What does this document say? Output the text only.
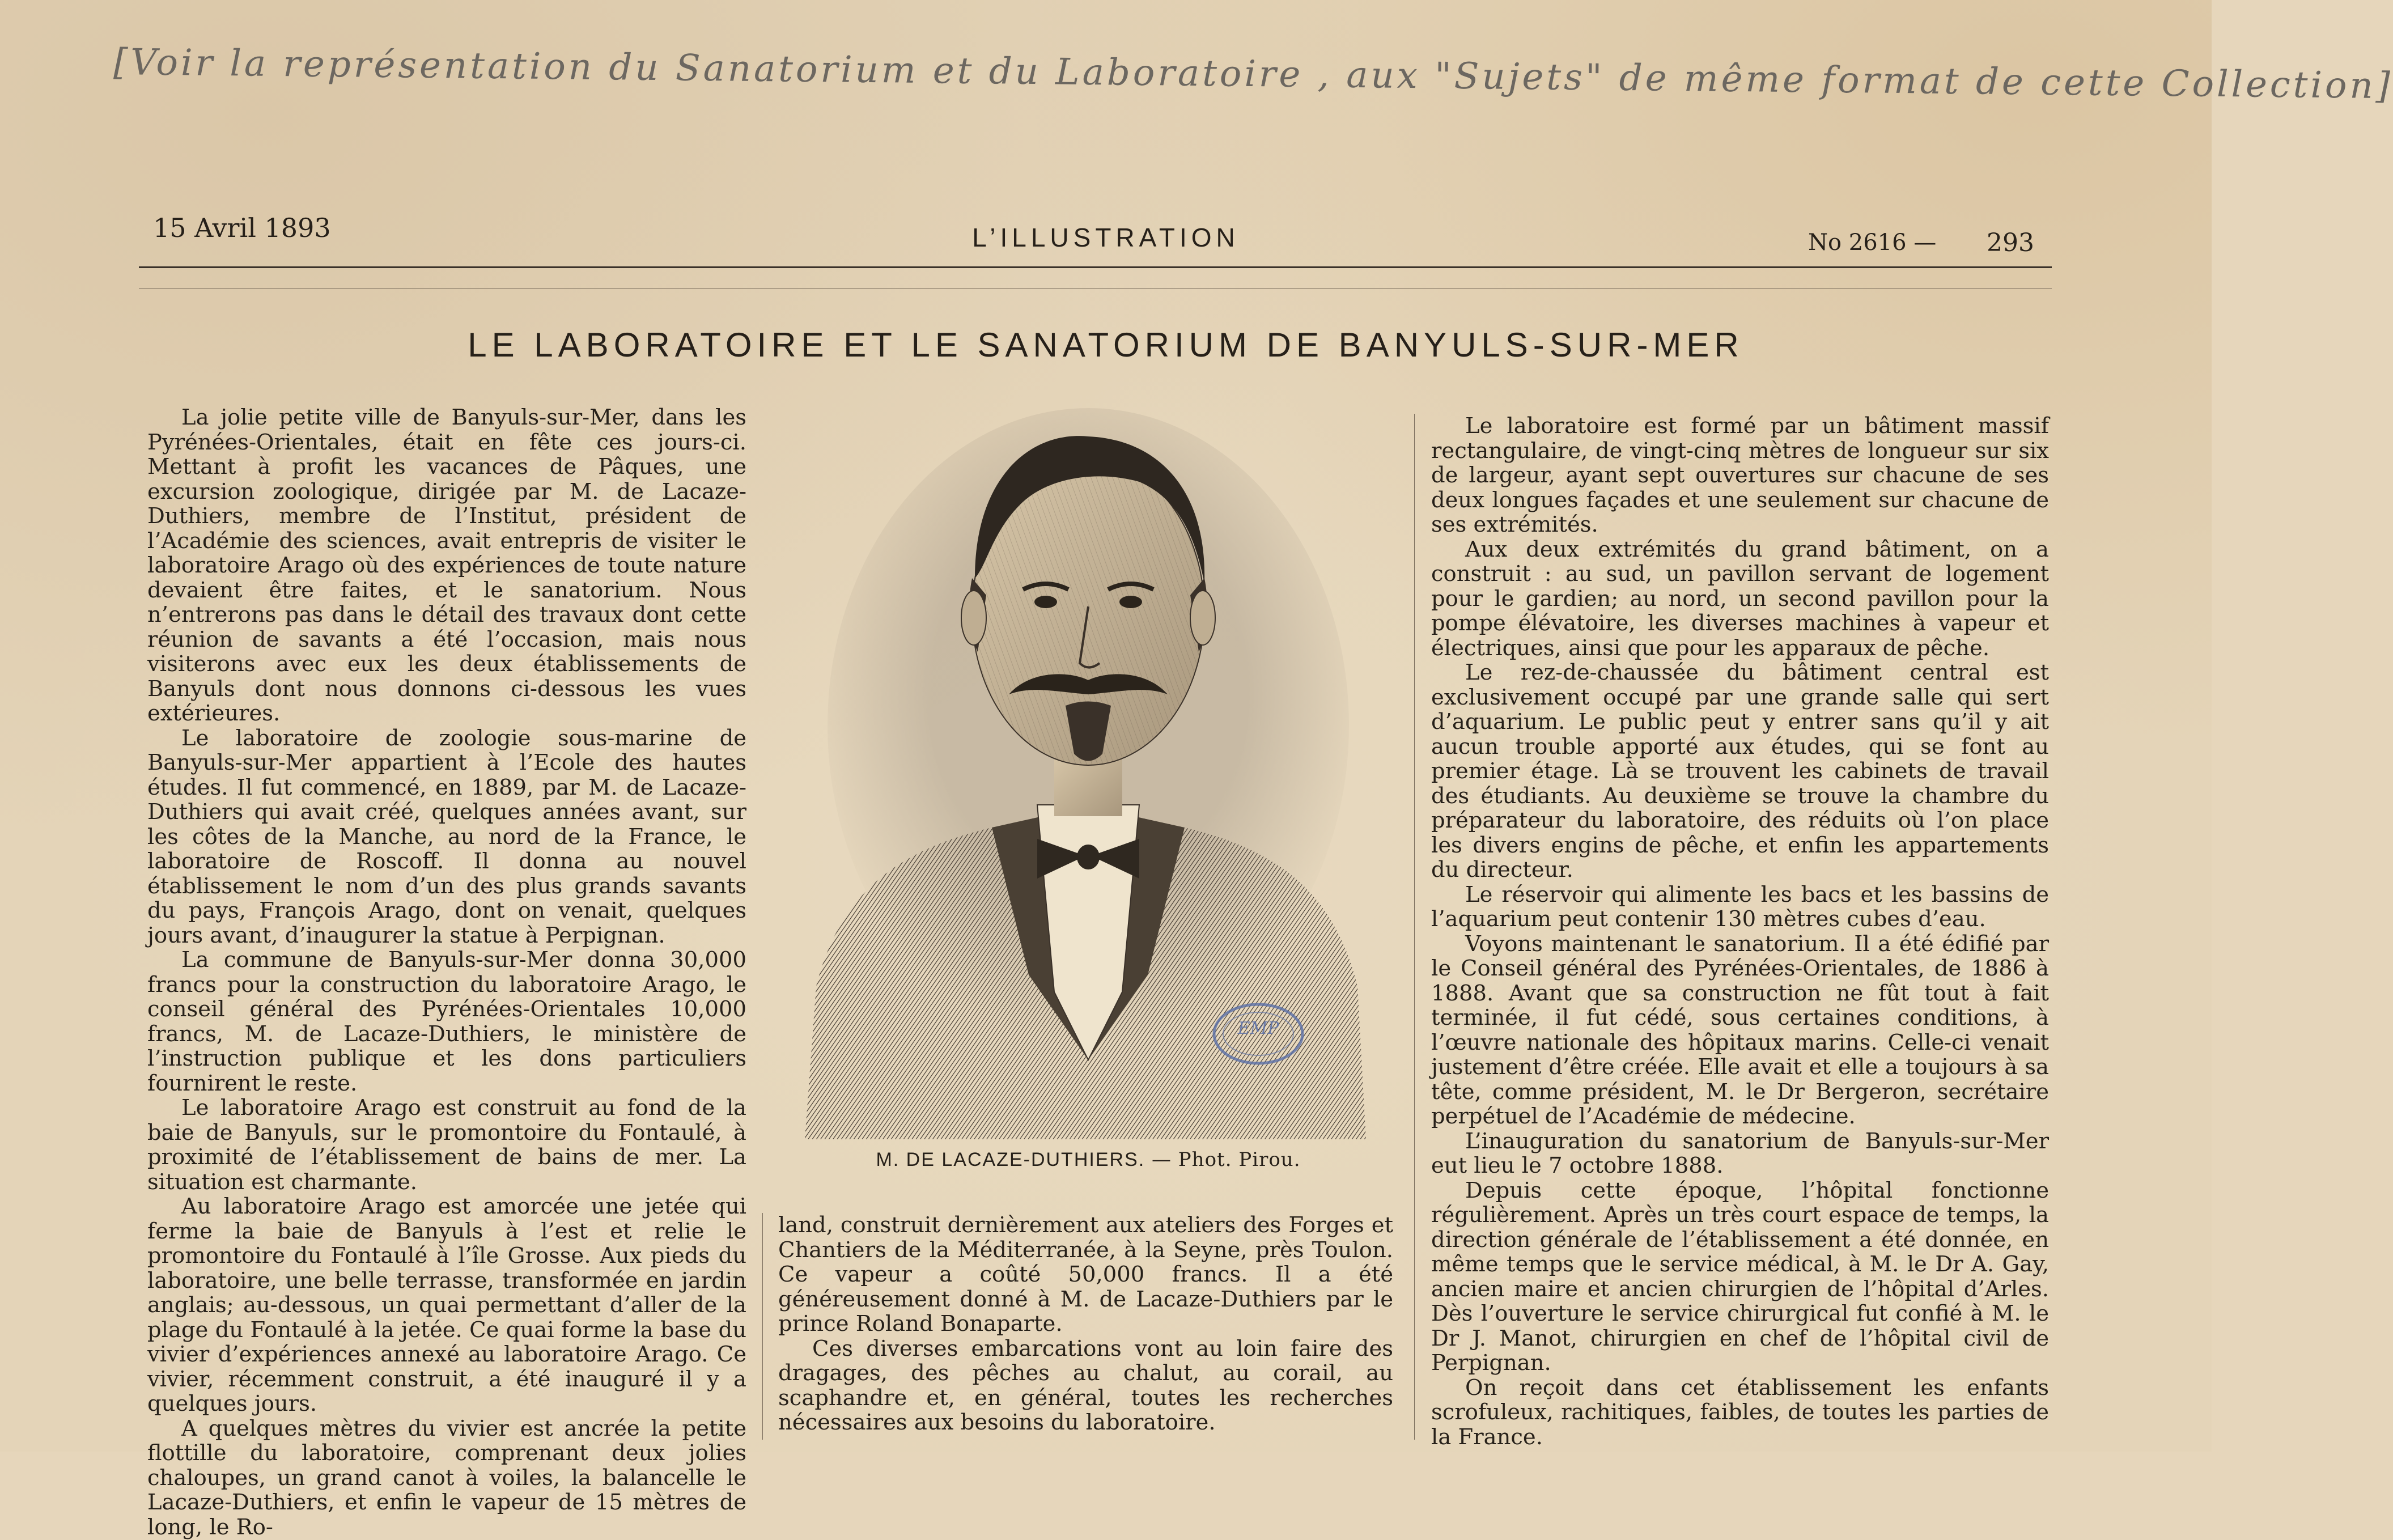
[Voir la représentation du Sanatorium et du Laboratoire , aux "Sujets" de même format de cette Collection]
15 Avril 1893	L’ILLUSTRATION	No 2616 — 293
LE LABORATOIRE ET LE SANATORIUM DE BANYULS-SUR-MER

La jolie petite ville de Banyuls-sur-Mer, dans les Pyrénées-Orientales, était en fête ces jours-ci. Mettant à profit les vacances de Pâques, une excursion zoologique, dirigée par M. de Lacaze-Duthiers, membre de l’Institut, président de l’Académie des sciences, avait entrepris de visiter le laboratoire Arago où des expériences de toute nature devaient être faites, et le sanatorium. Nous n’entrerons pas dans le détail des travaux dont cette réunion de savants a été l’occasion, mais nous visiterons avec eux les deux établissements de Banyuls dont nous donnons ci-dessous les vues extérieures.

Le laboratoire de zoologie sous-marine de Banyuls-sur-Mer appartient à l’Ecole des hautes études. Il fut commencé, en 1889, par M. de Lacaze-Duthiers qui avait créé, quelques années avant, sur les côtes de la Manche, au nord de la France, le laboratoire de Roscoff. Il donna au nouvel établissement le nom d’un des plus grands savants du pays, François Arago, dont on venait, quelques jours avant, d’inaugurer la statue à Perpignan.

La commune de Banyuls-sur-Mer donna 30,000 francs pour la construction du laboratoire Arago, le conseil général des Pyrénées-Orientales 10,000 francs, M. de Lacaze-Duthiers, le ministère de l’instruction publique et les dons particuliers fournirent le reste.

Le laboratoire Arago est construit au fond de la baie de Banyuls, sur le promontoire du Fontaulé, à proximité de l’établissement de bains de mer. La situation est charmante.

Au laboratoire Arago est amorcée une jetée qui ferme la baie de Banyuls à l’est et relie le promontoire du Fontaulé à l’île Grosse. Aux pieds du laboratoire, une belle terrasse, transformée en jardin anglais; au-dessous, un quai permettant d’aller de la plage du Fontaulé à la jetée. Ce quai forme la base du vivier d’expériences annexé au laboratoire Arago. Ce vivier, récemment construit, a été inauguré il y a quelques jours.

A quelques mètres du vivier est ancrée la petite flottille du laboratoire, comprenant deux jolies chaloupes, un grand canot à voiles, la balancelle le Lacaze-Duthiers, et enfin le vapeur de 15 mètres de long, le Ro-

EMP
M. DE LACAZE-DUTHIERS. — Phot. Pirou.

land, construit dernièrement aux ateliers des Forges et Chantiers de la Méditerranée, à la Seyne, près Toulon. Ce vapeur a coûté 50,000 francs. Il a été généreusement donné à M. de Lacaze-Duthiers par le prince Roland Bonaparte.

Ces diverses embarcations vont au loin faire des dragages, des pêches au chalut, au corail, au scaphandre et, en général, toutes les recherches nécessaires aux besoins du laboratoire.

Le laboratoire est formé par un bâtiment massif rectangulaire, de vingt-cinq mètres de longueur sur six de largeur, ayant sept ouvertures sur chacune de ses deux longues façades et une seulement sur chacune de ses extrémités.

Aux deux extrémités du grand bâtiment, on a construit : au sud, un pavillon servant de logement pour le gardien; au nord, un second pavillon pour la pompe élévatoire, les diverses machines à vapeur et électriques, ainsi que pour les apparaux de pêche.

Le rez-de-chaussée du bâtiment central est exclusivement occupé par une grande salle qui sert d’aquarium. Le public peut y entrer sans qu’il y ait aucun trouble apporté aux études, qui se font au premier étage. Là se trouvent les cabinets de travail des étudiants. Au deuxième se trouve la chambre du préparateur du laboratoire, des réduits où l’on place les divers engins de pêche, et enfin les appartements du directeur.

Le réservoir qui alimente les bacs et les bassins de l’aquarium peut contenir 130 mètres cubes d’eau.

Voyons maintenant le sanatorium. Il a été édifié par le Conseil général des Pyrénées-Orientales, de 1886 à 1888. Avant que sa construction ne fût tout à fait terminée, il fut cédé, sous certaines conditions, à l’œuvre nationale des hôpitaux marins. Celle-ci venait justement d’être créée. Elle avait et elle a toujours à sa tête, comme président, M. le Dr Bergeron, secrétaire perpétuel de l’Académie de médecine.

L’inauguration du sanatorium de Banyuls-sur-Mer eut lieu le 7 octobre 1888.

Depuis cette époque, l’hôpital fonctionne régulièrement. Après un très court espace de temps, la direction générale de l’établissement a été donnée, en même temps que le service médical, à M. le Dr A. Gay, ancien maire et ancien chirurgien de l’hôpital d’Arles. Dès l’ouverture le service chirurgical fut confié à M. le Dr J. Manot, chirurgien en chef de l’hôpital civil de Perpignan.

On reçoit dans cet établissement les enfants scrofuleux, rachitiques, faibles, de toutes les parties de la France.
